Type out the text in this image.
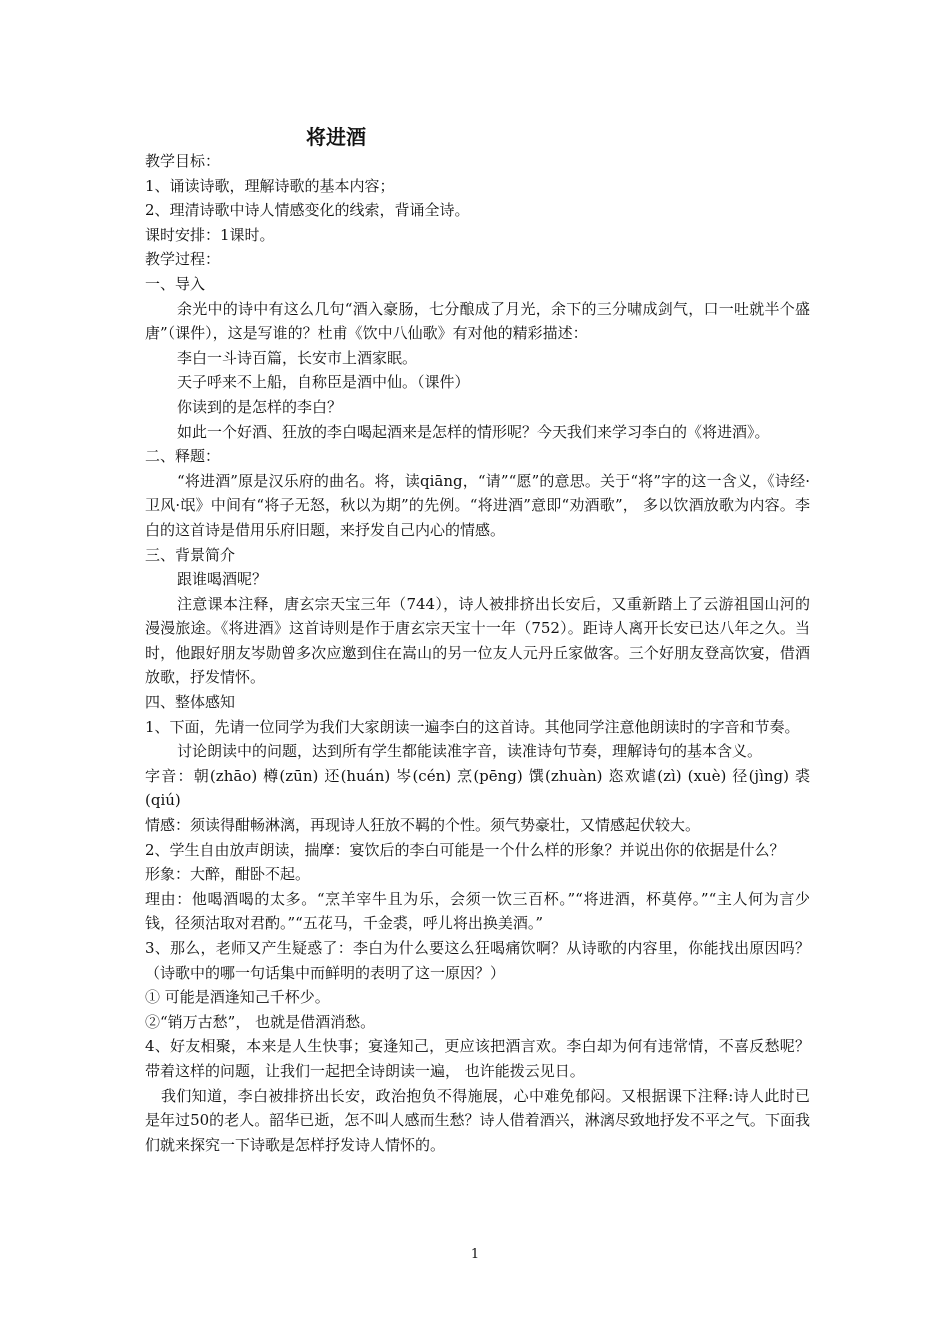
将进酒

教学目标：

1、诵读诗歌，理解诗歌的基本内容；

2、理清诗歌中诗人情感变化的线索，背诵全诗。

课时安排：1课时。

教学过程：

一、导入

余光中的诗中有这么几句“酒入豪肠，七分酿成了月光，余下的三分啸成剑气，口一吐就半个盛唐”（课件），这是写谁的？杜甫《饮中八仙歌》有对他的精彩描述：

李白一斗诗百篇，长安市上酒家眠。

天子呼来不上船，自称臣是酒中仙。（课件）

你读到的是怎样的李白？

如此一个好酒、狂放的李白喝起酒来是怎样的情形呢？今天我们来学习李白的《将进酒》。

二、释题：

“将进酒”原是汉乐府的曲名。将，读qiāng，“请”“愿”的意思。关于“将”字的这一含义，《诗经·卫风·氓》中间有“将子无怒，秋以为期”的先例。“将进酒”意即“劝酒歌”， 多以饮酒放歌为内容。李白的这首诗是借用乐府旧题，来抒发自己内心的情感。

三、背景简介

跟谁喝酒呢？

注意课本注释，唐玄宗天宝三年（744），诗人被排挤出长安后，又重新踏上了云游祖国山河的漫漫旅途。《将进酒》这首诗则是作于唐玄宗天宝十一年（752）。距诗人离开长安已达八年之久。当时，他跟好朋友岑勋曾多次应邀到住在嵩山的另一位友人元丹丘家做客。三个好朋友登高饮宴，借酒放歌，抒发情怀。

四、整体感知

1、下面，先请一位同学为我们大家朗读一遍李白的这首诗。其他同学注意他朗读时的字音和节奏。

讨论朗读中的问题，达到所有学生都能读准字音，读准诗句节奏，理解诗句的基本含义。

字音：朝(zhāo) 樽(zūn) 还(huán) 岑(cén) 烹(pēng) 馔(zhuàn) 恣欢谑(zì) (xuè) 径(jìng) 裘(qiú)

情感：须读得酣畅淋漓，再现诗人狂放不羁的个性。须气势豪壮，又情感起伏较大。

2、学生自由放声朗读，揣摩：宴饮后的李白可能是一个什么样的形象？并说出你的依据是什么？

形象：大醉，酣卧不起。

理由：他喝酒喝的太多。“烹羊宰牛且为乐，会须一饮三百杯。”“将进酒，杯莫停。”“主人何为言少钱，径须沽取对君酌。”“五花马，千金裘，呼儿将出换美酒。”

3、那么，老师又产生疑惑了：李白为什么要这么狂喝痛饮啊？从诗歌的内容里，你能找出原因吗？（诗歌中的哪一句话集中而鲜明的表明了这一原因？）

① 可能是酒逢知己千杯少。

②“销万古愁”， 也就是借酒消愁。

4、好友相聚，本来是人生快事；宴逢知己，更应该把酒言欢。李白却为何有违常情，不喜反愁呢？带着这样的问题，让我们一起把全诗朗读一遍， 也许能拨云见日。

我们知道，李白被排挤出长安，政治抱负不得施展，心中难免郁闷。又根据课下注释:诗人此时已是年过50的老人。韶华已逝，怎不叫人感而生愁？诗人借着酒兴，淋漓尽致地抒发不平之气。下面我们就来探究一下诗歌是怎样抒发诗人情怀的。

1
